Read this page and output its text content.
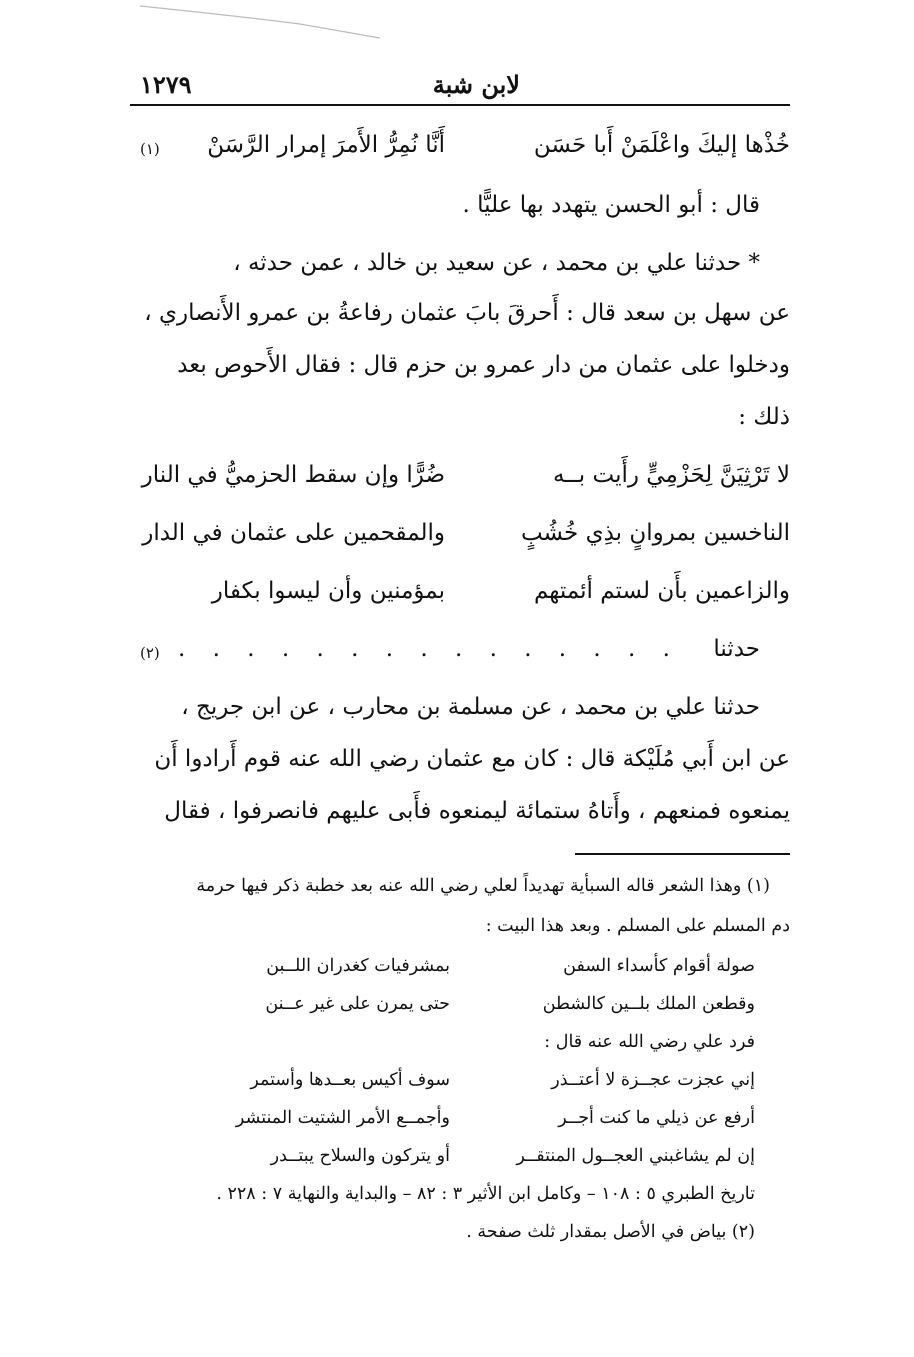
لابن شبة
١٢٧٩
خُذْها إليكَ واعْلَمَنْ أَبا حَسَن
أَنَّا نُمِرُّ الأَمرَ إمرار الرَّسَنْ
(١)
قال : أبو الحسن يتهدد بها عليًّا .
* حدثنا علي بن محمد ، عن سعيد بن خالد ، عمن حدثه ،
عن سهل بن سعد قال : أَحرقَ بابَ عثمان رفاعةُ بن عمرو الأَنصاري ،
ودخلوا على عثمان من دار عمرو بن حزم قال : فقال الأَحوص بعد
ذلك :
لا تَرْثِيَنَّ لِحَزْمِيٍّ رأَيت بــه
ضُرًّا وإن سقط الحزميُّ في النار
الناخسين بمروانٍ بذِي خُشُبٍ
والمقحمين على عثمان في الدار
والزاعمين بأَن لستم أئمتهم
بمؤمنين وأن ليسوا بكفار
حدثنا
. . . . . . . . . . . . . . .
(٢)
حدثنا علي بن محمد ، عن مسلمة بن محارب ، عن ابن جريج ،
عن ابن أَبي مُلَيْكة قال : كان مع عثمان رضي الله عنه قوم أَرادوا أَن
يمنعوه فمنعهم ، وأَتاهُ ستمائة ليمنعوه فأَبى عليهم فانصرفوا ، فقال
(١) وهذا الشعر قاله السبأية تهديداً لعلي رضي الله عنه بعد خطبة ذكر فيها حرمة
دم المسلم على المسلم . وبعد هذا البيت :
صولة أقوام كأسداء السفن
بمشرفيات كغدران اللــبن
وقطعن الملك بلــين كالشطن
حتى يمرن على غير عــنن
فرد علي رضي الله عنه قال :
إني عجزت عجــزة لا أعتــذر
سوف أكيس بعــدها وأستمر
أرفع عن ذيلي ما كنت أجــر
وأجمــع الأمر الشتيت المنتشر
إن لم يشاغبني العجــول المنتقــر
أو يتركون والسلاح يبتــدر
تاريخ الطبري ٥ : ١٠٨ – وكامل ابن الأثير ٣ : ٨٢ – والبداية والنهاية ٧ : ٢٢٨ .
(٢) بياض في الأصل بمقدار ثلث صفحة .
